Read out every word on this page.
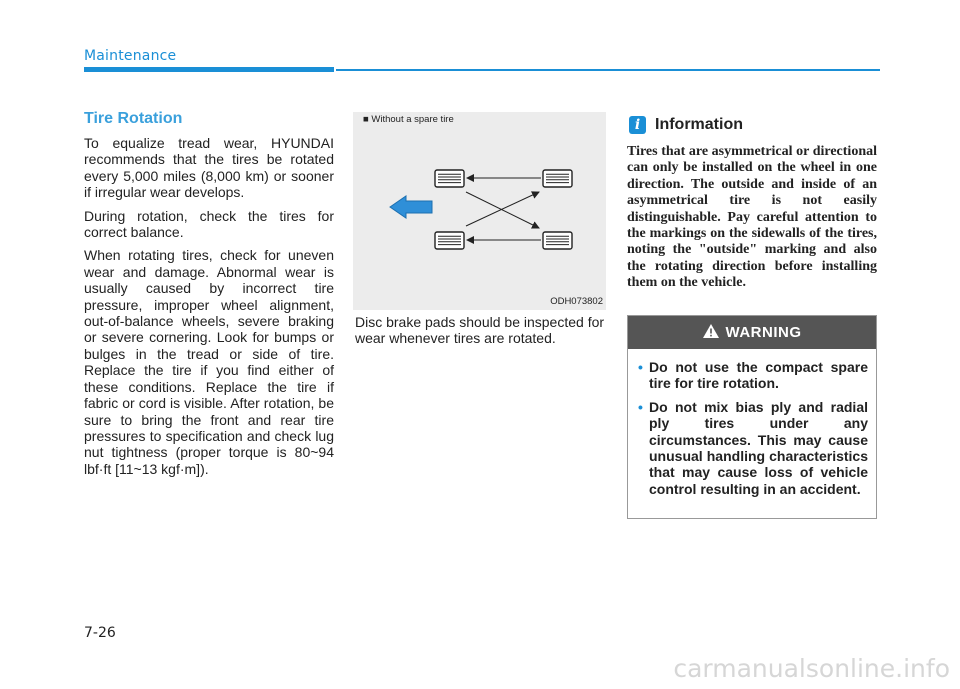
Maintenance
Tire Rotation

To equalize tread wear, HYUNDAI recommends that the tires be rotated every 5,000 miles (8,000 km) or sooner if irregular wear develops.

During rotation, check the tires for correct balance.

When rotating tires, check for uneven wear and damage. Abnormal wear is usually caused by incorrect tire pressure, improper wheel alignment, out-of-balance wheels, severe braking or severe cornering. Look for bumps or bulges in the tread or side of tire. Replace the tire if you find either of these conditions. Replace the tire if fabric or cord is visible. After rotation, be sure to bring the front and rear tire pressures to specification and check lug nut tightness (proper torque is 80~94 lbf·ft [11~13 kgf·m]).

■ Without a spare tire
ODH073802
Disc brake pads should be inspected for wear whenever tires are rotated.
i Information
Tires that are asymmetrical or directional can only be installed on the wheel in one direction. The outside and inside of an asymmetrical tire is not easily distinguishable. Pay careful attention to the markings on the sidewalls of the tires, noting the "outside" marking and also the rotating direction before installing them on the vehicle.
WARNING
• Do not use the compact spare tire for tire rotation.
• Do not mix bias ply and radial ply tires under any circumstances. This may cause unusual handling characteristics that may cause loss of vehicle control resulting in an accident.
7-26
carmanualsonline.info
